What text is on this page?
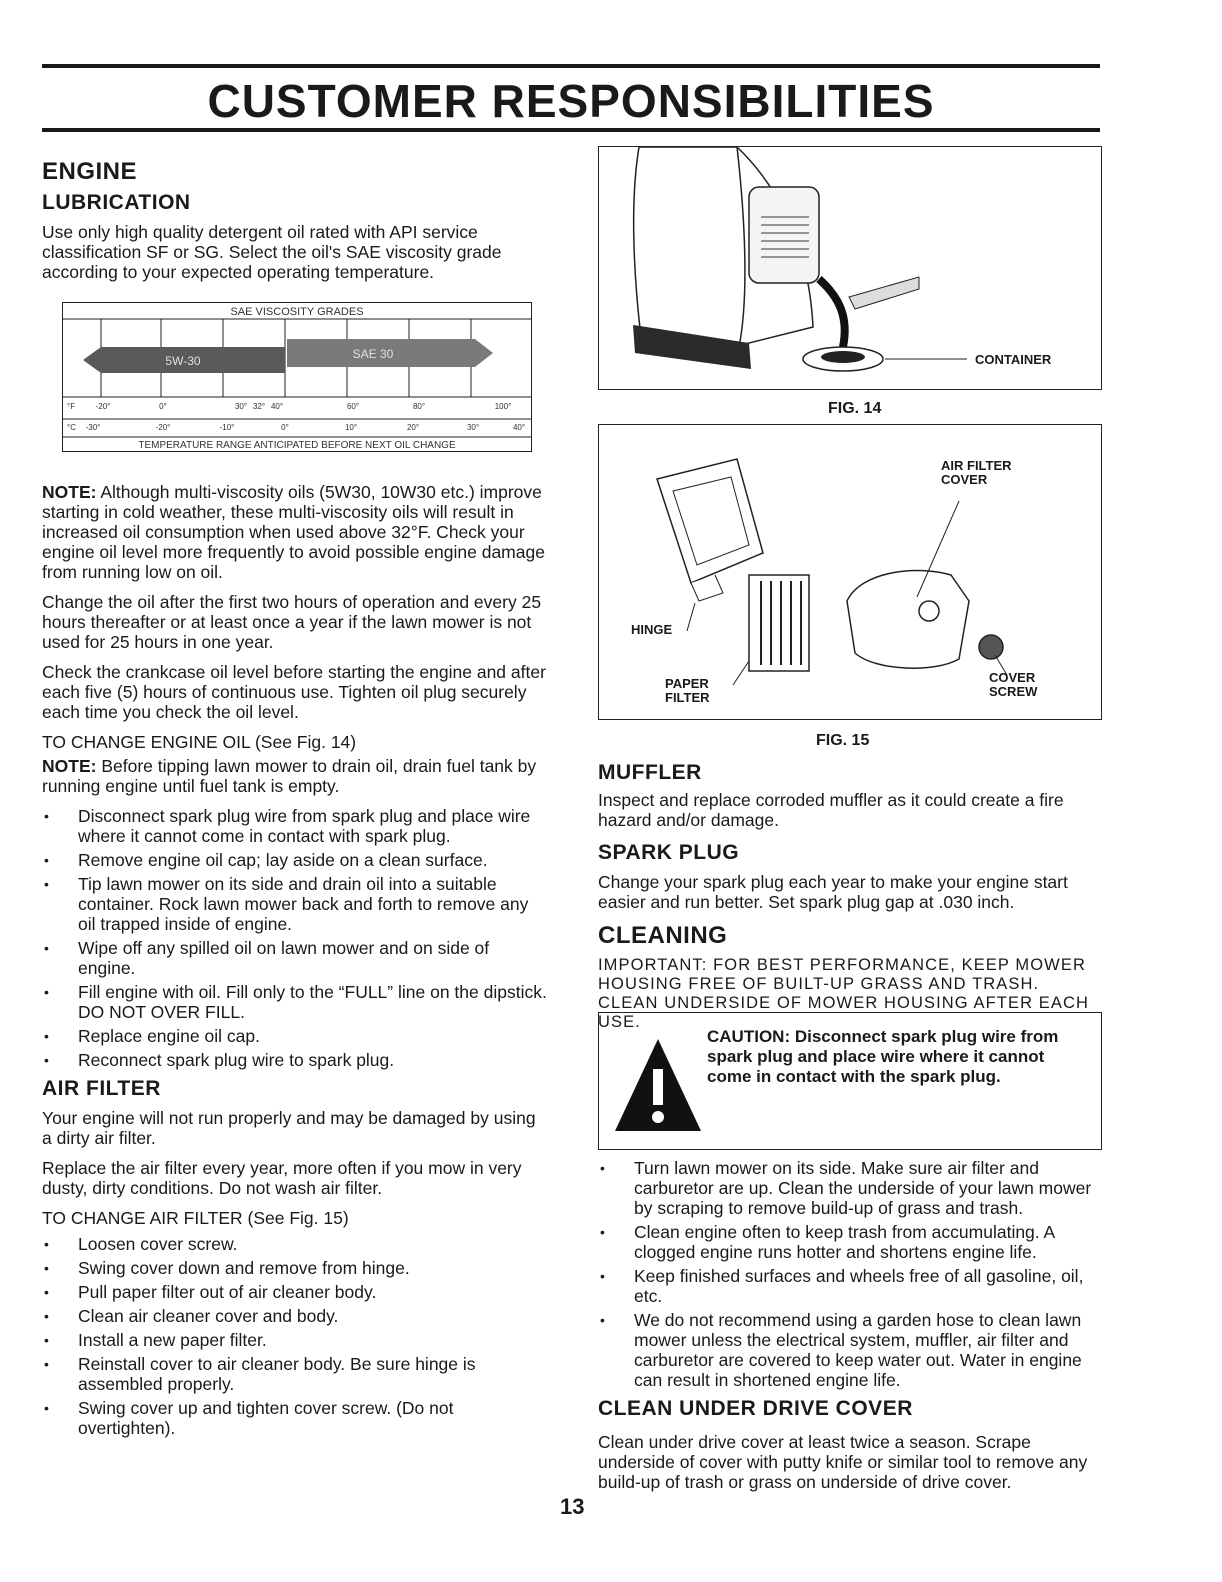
CUSTOMER RESPONSIBILITIES
ENGINE
LUBRICATION

Use only high quality detergent oil rated with API service classification SF or SG. Select the oil's SAE viscosity grade according to your expected operating temperature.

SAE 30
5W-30
SAE VISCOSITY GRADES
°F
°C
TEMPERATURE RANGE ANTICIPATED BEFORE NEXT OIL CHANGE
-20°	0°	30° 32° 40°	60°	80°	100°
-30°	-20°	-10°	0°	10°	20°	30°	40°

NOTE: Although multi-viscosity oils (5W30, 10W30 etc.) improve starting in cold weather, these multi-viscosity oils will result in increased oil consumption when used above 32°F. Check your engine oil level more frequently to avoid possible engine damage from running low on oil.

Change the oil after the first two hours of operation and every 25 hours thereafter or at least once a year if the lawn mower is not used for 25 hours in one year.

Check the crankcase oil level before starting the engine and after each five (5) hours of continuous use. Tighten oil plug securely each time you check the oil level.

TO CHANGE ENGINE OIL (See Fig. 14)

NOTE: Before tipping lawn mower to drain oil, drain fuel tank by running engine until fuel tank is empty.

• Disconnect spark plug wire from spark plug and place wire where it cannot come in contact with spark plug.
• Remove engine oil cap; lay aside on a clean surface.
• Tip lawn mower on its side and drain oil into a suitable container. Rock lawn mower back and forth to remove any oil trapped inside of engine.
• Wipe off any spilled oil on lawn mower and on side of engine.
• Fill engine with oil. Fill only to the “FULL” line on the dipstick. DO NOT OVER FILL.
• Replace engine oil cap.
• Reconnect spark plug wire to spark plug.
AIR FILTER

Your engine will not run properly and may be damaged by using a dirty air filter.

Replace the air filter every year, more often if you mow in very dusty, dirty conditions. Do not wash air filter.

TO CHANGE AIR FILTER (See Fig. 15)

• Loosen cover screw.
• Swing cover down and remove from hinge.
• Pull paper filter out of air cleaner body.
• Clean air cleaner cover and body.
• Install a new paper filter.
• Reinstall cover to air cleaner body. Be sure hinge is assembled properly.
• Swing cover up and tighten cover screw. (Do not overtighten).
13
CONTAINER
FIG. 14
AIR FILTER COVER
HINGE
PAPER FILTER
COVER SCREW
FIG. 15
MUFFLER

Inspect and replace corroded muffler as it could create a fire hazard and/or damage.

SPARK PLUG

Change your spark plug each year to make your engine start easier and run better. Set spark plug gap at .030 inch.

CLEANING

IMPORTANT: FOR BEST PERFORMANCE, KEEP MOWER HOUSING FREE OF BUILT-UP GRASS AND TRASH. CLEAN UNDERSIDE OF MOWER HOUSING AFTER EACH USE.

CAUTION: Disconnect spark plug wire from spark plug and place wire where it cannot come in contact with the spark plug.
• Turn lawn mower on its side. Make sure air filter and carburetor are up. Clean the underside of your lawn mower by scraping to remove build-up of grass and trash.
• Clean engine often to keep trash from accumulating. A clogged engine runs hotter and shortens engine life.
• Keep finished surfaces and wheels free of all gasoline, oil, etc.
• We do not recommend using a garden hose to clean lawn mower unless the electrical system, muffler, air filter and carburetor are covered to keep water out. Water in engine can result in shortened engine life.
CLEAN UNDER DRIVE COVER

Clean under drive cover at least twice a season. Scrape underside of cover with putty knife or similar tool to remove any build-up of trash or grass on underside of drive cover.
